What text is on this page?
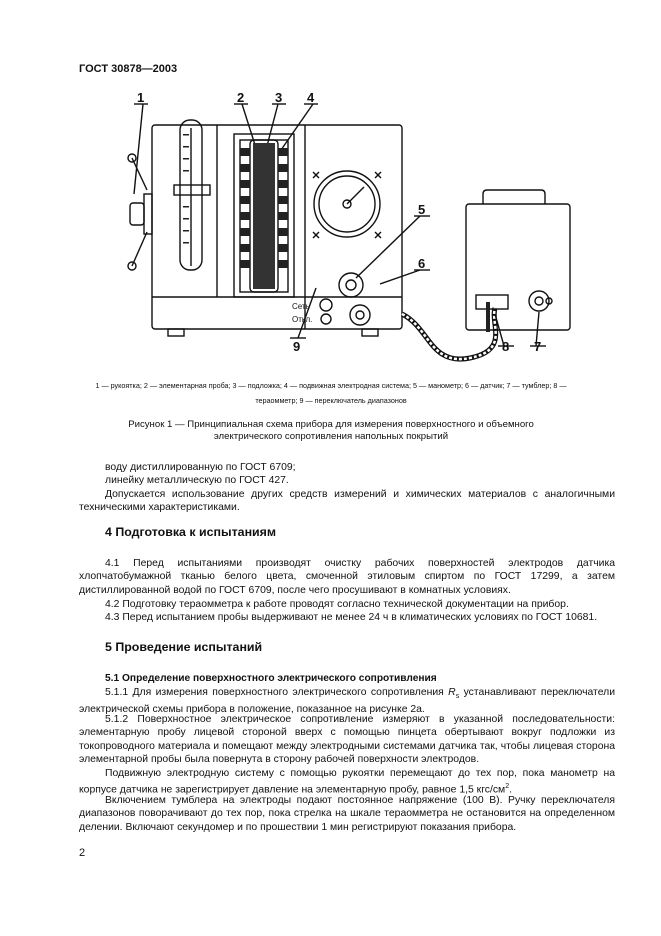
ГОСТ 30878—2003
1	2 3 4
5
6
7
8
9
Сеть
Откл.
1 — рукоятка; 2 — элементарная проба; 3 — подложка; 4 — подвижная электродная система; 5 — манометр; 6 — датчик; 7 — тумблер; 8 — тераомметр; 9 — переключатель диапазонов
Рисунок 1 — Принципиальная схема прибора для измерения поверхностного и объемного
электрического сопротивления напольных покрытий
воду дистиллированную по ГОСТ 6709;
линейку металлическую по ГОСТ 427.
Допускается использование других средств измерений и химических материалов с аналогичными техническими характеристиками.
4 Подготовка к испытаниям
4.1 Перед испытаниями производят очистку рабочих поверхностей электродов датчика хлопчатобумажной тканью белого цвета, смоченной этиловым спиртом по ГОСТ 17299, а затем дистиллированной водой по ГОСТ 6709, после чего просушивают в комнатных условиях.
4.2 Подготовку тераомметра к работе проводят согласно технической документации на прибор.
4.3 Перед испытанием пробы выдерживают не менее 24 ч в климатических условиях по ГОСТ 10681.
5 Проведение испытаний
5.1 Определение поверхностного электрического сопротивления
5.1.1 Для измерения поверхностного электрического сопротивления $R_s$ устанавливают переключатели электрической схемы прибора в положение, показанное на рисунке 2а.
5.1.2 Поверхностное электрическое сопротивление измеряют в указанной последовательности: элементарную пробу лицевой стороной вверх с помощью пинцета обертывают вокруг подложки из токопроводного материала и помещают между электродными системами датчика так, чтобы лицевая сторона элементарной пробы была повернута в сторону рабочей поверхности электродов.
Подвижную электродную систему с помощью рукоятки перемещают до тех пор, пока манометр на корпусе датчика не зарегистрирует давление на элементарную пробу, равное 1,5 кгс/$см^2$.
Включением тумблера на электроды подают постоянное напряжение (100 В). Ручку переключателя диапазонов поворачивают до тех пор, пока стрелка на шкале тераомметра не остановится на определенном делении. Включают секундомер и по прошествии 1 мин регистрируют показания прибора.
2
